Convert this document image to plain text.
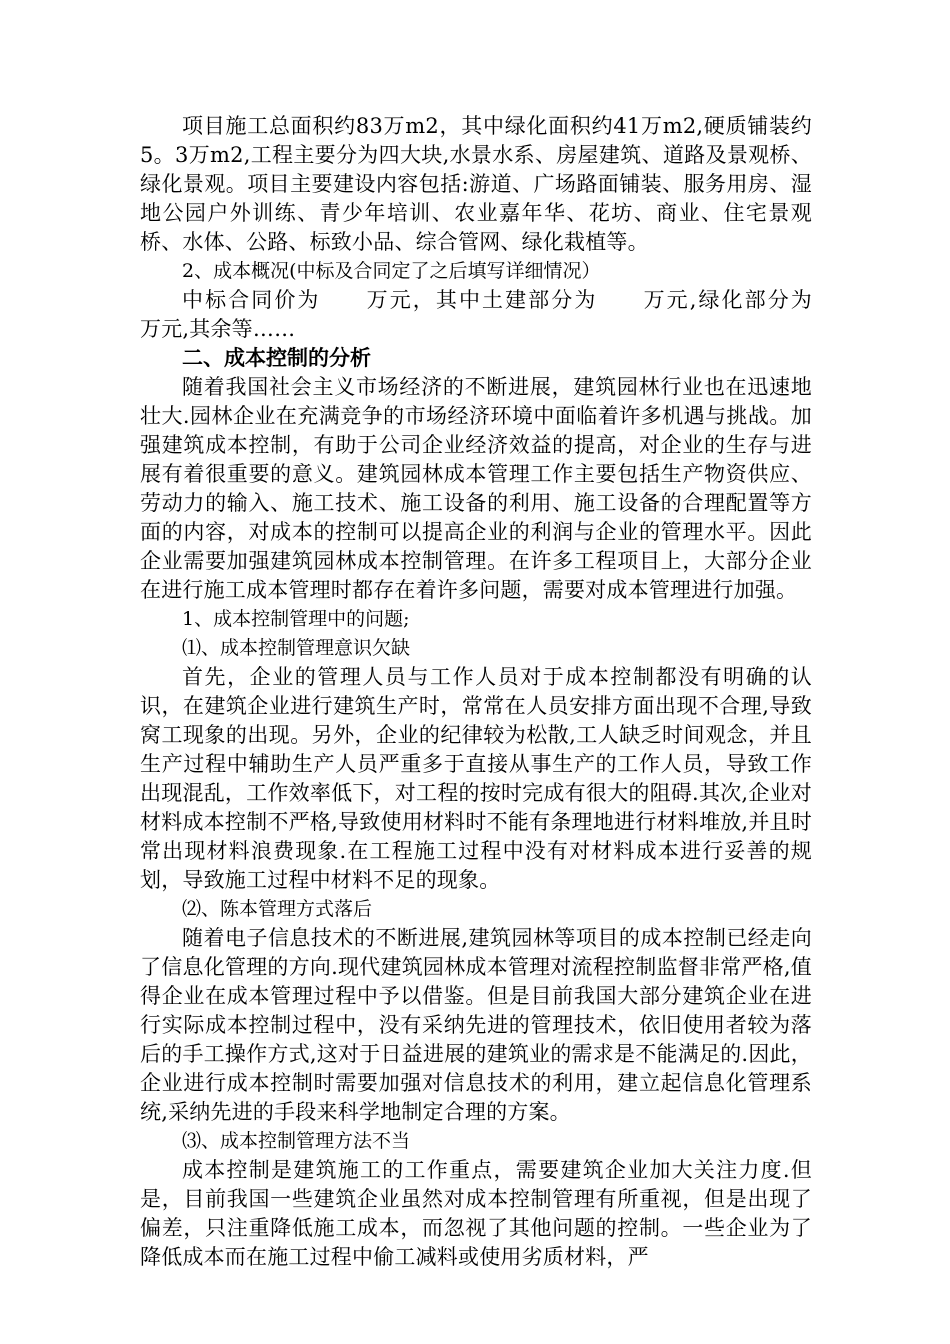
项目施工总面积约83万m2，其中绿化面积约41万m2,硬质铺装约5。3万m2,工程主要分为四大块,水景水系、房屋建筑、道路及景观桥、绿化景观。项目主要建设内容包括:游道、广场路面铺装、服务用房、湿地公园户外训练、青少年培训、农业嘉年华、花坊、商业、住宅景观桥、水体、公路、标致小品、综合管网、绿化栽植等。

2、成本概况(中标及合同定了之后填写详细情况）

中标合同价为　　万元，其中土建部分为　　万元,绿化部分为　　万元,其余等……

二、成本控制的分析

随着我国社会主义市场经济的不断进展，建筑园林行业也在迅速地壮大.园林企业在充满竞争的市场经济环境中面临着许多机遇与挑战。加强建筑成本控制，有助于公司企业经济效益的提高，对企业的生存与进展有着很重要的意义。建筑园林成本管理工作主要包括生产物资供应、劳动力的输入、施工技术、施工设备的利用、施工设备的合理配置等方面的内容，对成本的控制可以提高企业的利润与企业的管理水平。因此企业需要加强建筑园林成本控制管理。在许多工程项目上，大部分企业在进行施工成本管理时都存在着许多问题，需要对成本管理进行加强。

1、成本控制管理中的问题;

⑴、成本控制管理意识欠缺

首先，企业的管理人员与工作人员对于成本控制都没有明确的认识，在建筑企业进行建筑生产时，常常在人员安排方面出现不合理,导致窝工现象的出现。另外，企业的纪律较为松散,工人缺乏时间观念，并且生产过程中辅助生产人员严重多于直接从事生产的工作人员，导致工作出现混乱，工作效率低下，对工程的按时完成有很大的阻碍.其次,企业对材料成本控制不严格,导致使用材料时不能有条理地进行材料堆放,并且时常出现材料浪费现象.在工程施工过程中没有对材料成本进行妥善的规划，导致施工过程中材料不足的现象。

⑵、陈本管理方式落后

随着电子信息技术的不断进展,建筑园林等项目的成本控制已经走向了信息化管理的方向.现代建筑园林成本管理对流程控制监督非常严格,值得企业在成本管理过程中予以借鉴。但是目前我国大部分建筑企业在进行实际成本控制过程中，没有采纳先进的管理技术，依旧使用者较为落后的手工操作方式,这对于日益进展的建筑业的需求是不能满足的.因此，企业进行成本控制时需要加强对信息技术的利用，建立起信息化管理系统,采纳先进的手段来科学地制定合理的方案。

⑶、成本控制管理方法不当

成本控制是建筑施工的工作重点，需要建筑企业加大关注力度.但是，目前我国一些建筑企业虽然对成本控制管理有所重视，但是出现了偏差，只注重降低施工成本，而忽视了其他问题的控制。一些企业为了降低成本而在施工过程中偷工减料或使用劣质材料，严
